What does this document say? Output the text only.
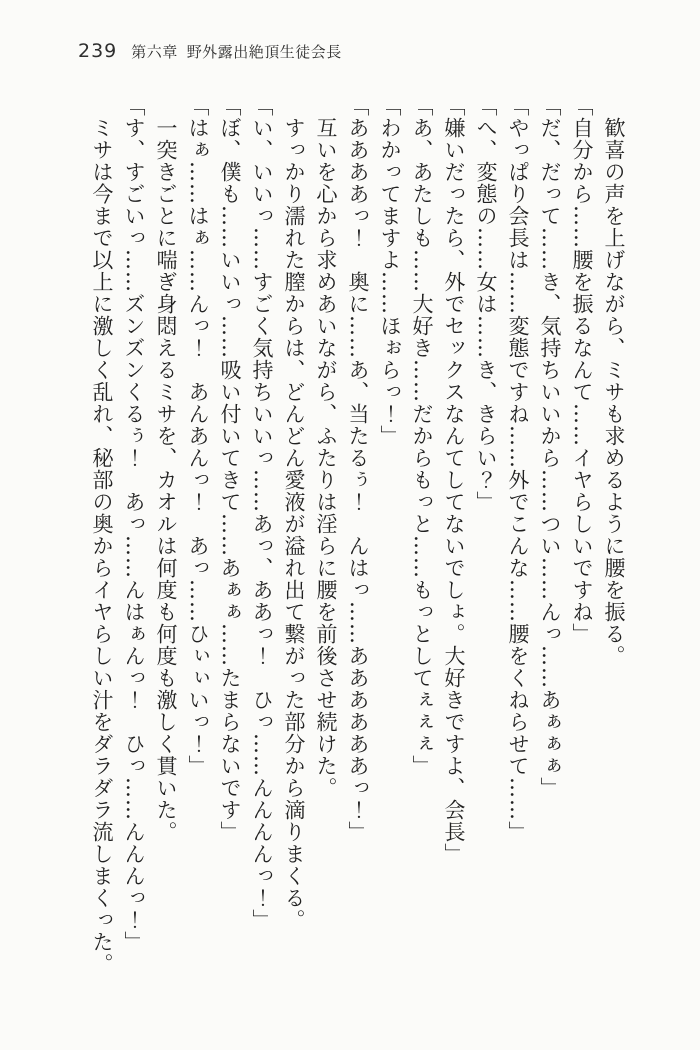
239 第六章 野外露出絶頂生徒会長

　歓喜の声を上げながら、ミサも求めるように腰を振る。

「自分から……腰を振るなんて……イヤらしいですね」

「だ、だって……き、気持ちいいから……つい……んっ……あぁぁぁ」

「やっぱり会長は……変態ですね……外でこんな……腰をくねらせて……」

「へ、変態の……女は……き、きらい？」

「嫌いだったら、外でセックスなんてしてないでしょ。大好きですよ、会長」

「あ、あたしも……大好き……だからもっと……もっとしてぇぇぇ」

「わかってますよ……ほぉらっ！」

「ああああっ！　奥に……あ、当たるぅ！　んはっ……ああああああっ！」

　互いを心から求めあいながら、ふたりは淫らに腰を前後させ続けた。

　すっかり濡れた膣からは、どんどん愛液が溢れ出て繋がった部分から滴りまくる。

「い、いいっ……すごく気持ちいいっ……あっ、ああっ！　ひっ……んんんんっ！」

「ぼ、僕も……いいっ……吸い付いてきて……あぁぁ……たまらないです」

「はぁ……はぁ……んっ！　あんあんっ！　あっ……ひぃぃいっ！」

　一突きごとに喘ぎ身悶えるミサを、カオルは何度も何度も激しく貫いた。

「す、すごいっ……ズンズンくるぅ！　あっ……んはぁんっ！　ひっ……んんんっ！」

　ミサは今まで以上に激しく乱れ、秘部の奥からイヤらしい汁をダラダラ流しまくった。
